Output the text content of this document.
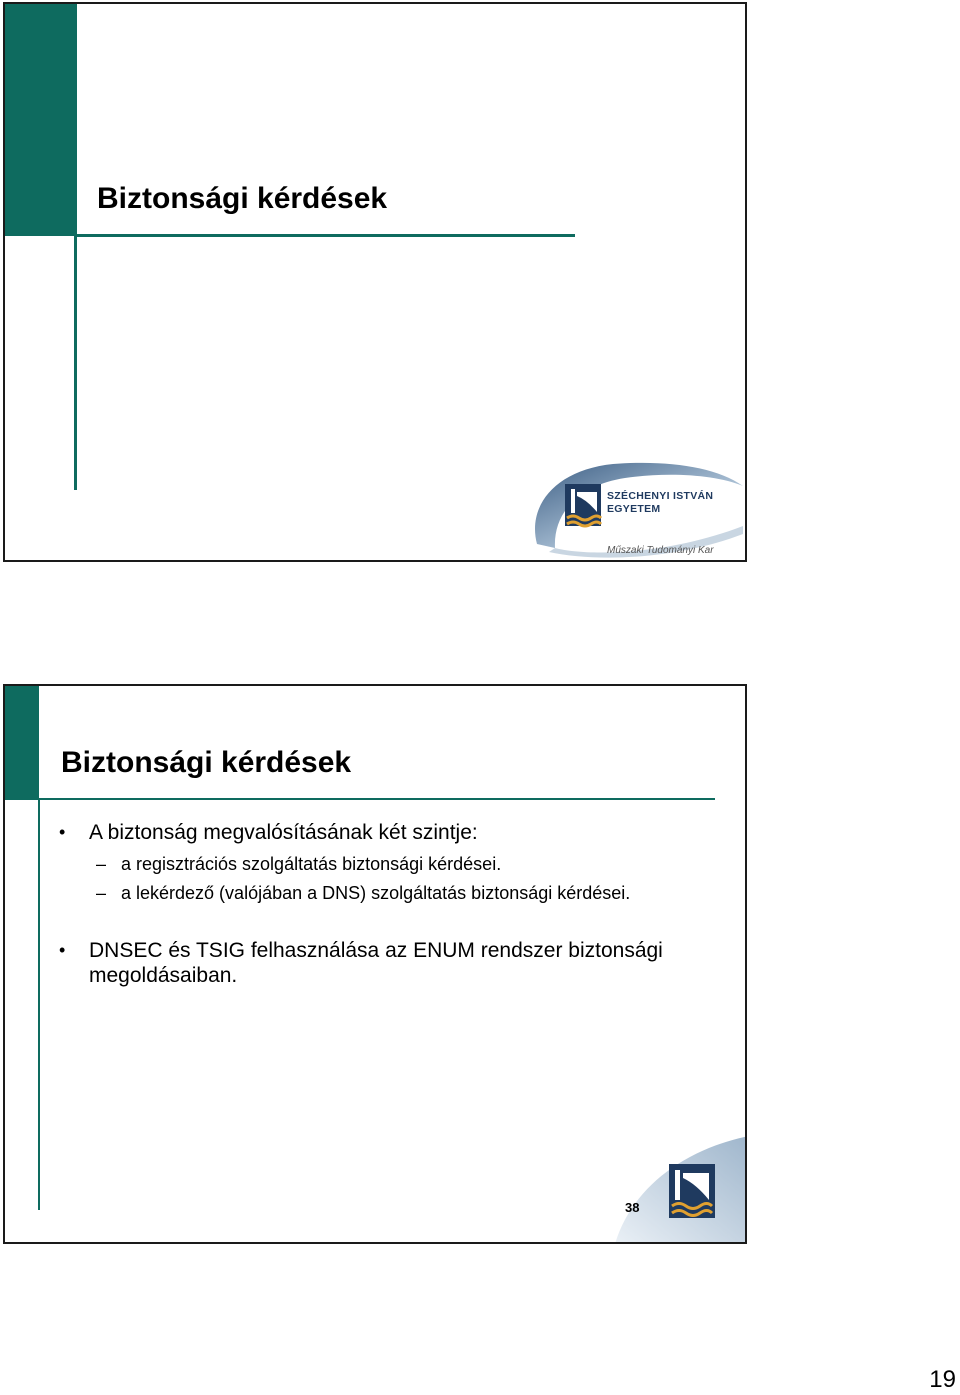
Biztonsági kérdések
SZÉCHENYI ISTVÁN
EGYETEM
Műszaki Tudományi Kar
Biztonsági kérdések
• A biztonság megvalósításának két szintje:
– a regisztrációs szolgáltatás biztonsági kérdései.
– a lekérdező (valójában a DNS) szolgáltatás biztonsági kérdései.
• DNSEC és TSIG felhasználása az ENUM rendszer biztonsági megoldásaiban.
38
19
